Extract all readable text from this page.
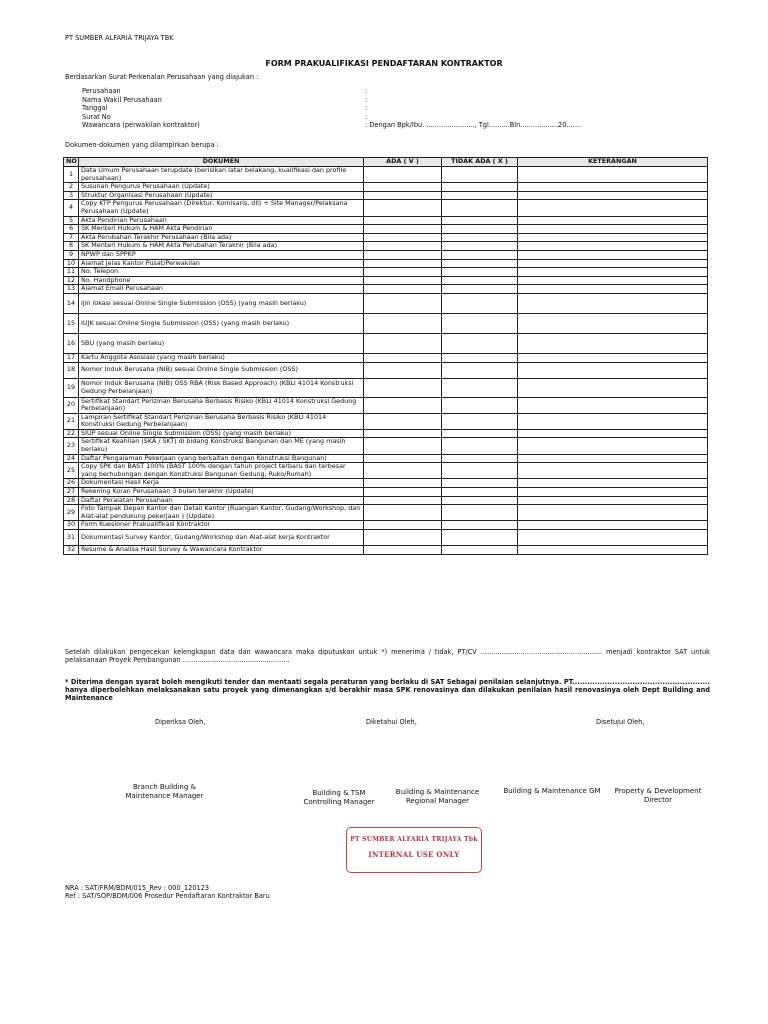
PT SUMBER ALFARIA TRIJAYA TBK
FORM PRAKUALIFIKASI PENDAFTARAN KONTRAKTOR
Berdasarkan Surat Perkenalan Perusahaan yang diajukan :
Perusahaan	:
Nama Wakil Perusahaan	:
Tanggal	:
Surat No	:
Wawancara (perwakilan kontraktor)	: Dengan Bpk/Ibu. ......................., Tgl..........Bln..................20.......
Dokumen-dokumen yang dilampirkan berupa :
NO	DOKUMEN	ADA ( V )	TIDAK ADA ( X )	KETERANGAN
1	Data Umum Perusahaan terupdate (berisikan latar belakang, kualifikasi dan profile perusahaan)			
2	Susunan Pengurus Perusahaan (Update)			
3	Struktur Organisasi Perusahaan (Update)			
4	Copy KTP Pengurus Perusahaan (Direktur, Komisaris, dll) + Site Manager/Pelaksana Perusahaan (Update)			
5	Akta Pendirian Perusahaan			
6	SK Menteri Hukum & HAM Akta Pendirian			
7	Akta Perubahan Terakhir Perusahaan (Bila ada)			
8	SK Menteri Hukum & HAM Akta Perubahan Terakhir (Bila ada)			
9	NPWP dan SPPKP			
10	Alamat Jelas Kantor Pusat/Perwakilan			
11	No. Telepon			
12	No. Handphone			
13	Alamat Email Perusahaan			
14	Ijin lokasi sesuai Online Single Submission (OSS) (yang masih berlaku)			
15	IUJK sesuai Online Single Submission (OSS) (yang masih berlaku)			
16	SBU (yang masih berlaku)			
17	Kartu Anggota Asosiasi (yang masih berlaku)			
18	Nomor Induk Berusaha (NIB) sesuai Online Single Submission (OSS)			
19	Nomor Induk Berusaha (NIB) OSS RBA (Risk Based Approach) (KBLI 41014 Konstruksi Gedung Perbelanjaan)			
20	Sertifikat Standart Perizinan Berusaha Berbasis Risiko (KBLI 41014 Konstruksi Gedung Perbelanjaan)			
21	Lampiran Sertifikat Standart Perizinan Berusaha Berbasis Risiko (KBLI 41014 Konstruksi Gedung Perbelanjaan)			
22	SIUP sesuai Online Single Submission (OSS) (yang masih berlaku)			
23	Sertifikat Keahlian (SKA / SKT) di bidang Konstruksi Bangunan dan ME (yang masih berlaku)			
24	Daftar Pengalaman Pekerjaan (yang berkaitan dengan Konstruksi Bangunan)			
25	Copy SPK dan BAST 100% (BAST 100% dengan tahun project terbaru dan terbesar yang berhubungan dengan Konstruksi Bangunan Gedung, Ruko/Rumah)			
26	Dokumentasi Hasil Kerja			
27	Rekening Koran Perusahaan 3 bulan terakhir (Update)			
28	Daftar Peralatan Perusahaan			
29	Foto Tampak Depan Kantor dan Detail Kantor (Ruangan Kantor, Gudang/Workshop, dan Alat-alat pendukung pekerjaan ) (Update)			
30	Form Kuesioner Prakualifikasi Kontraktor			
31	Dokumentasi Survey Kantor, Gudang/Workshop dan Alat-alat kerja Kontraktor			
32	Resume & Analisa Hasil Survey & Wawancara Kontraktor			
Setelah dilakukan pengecekan kelengkapan data dan wawancara maka diputuskan untuk *) menerima / tidak, PT/CV .......................................................... menjadi kontraktor SAT untuk pelaksanaan Proyek Pembangunan ...................................................
* Diterima dengan syarat boleh mengikuti tender dan mentaati segala peraturan yang berlaku di SAT Sebagai penilaian selanjutnya. PT....................................................... hanya diperbolehkan melaksanakan satu proyek yang dimenangkan s/d berakhir masa SPK renovasinya dan dilakukan penilaian hasil renovasinya oleh Dept Building and Maintenance
Diperiksa Oleh,	Diketahui Oleh,	Disetujui Oleh,
Branch Building & Maintenance Manager	Building & TSM Controlling Manager
Building & Maintenance Regional Manager
Building & Maintenance GM	Property & Development Director
PT SUMBER ALFARIA TRIJAYA Tbk
INTERNAL USE ONLY
NRA : SAT/FRM/BDM/015_Rev : 000_120123
Ref : SAT/SOP/BDM/006 Prosedur Pendaftaran Kontraktor Baru
